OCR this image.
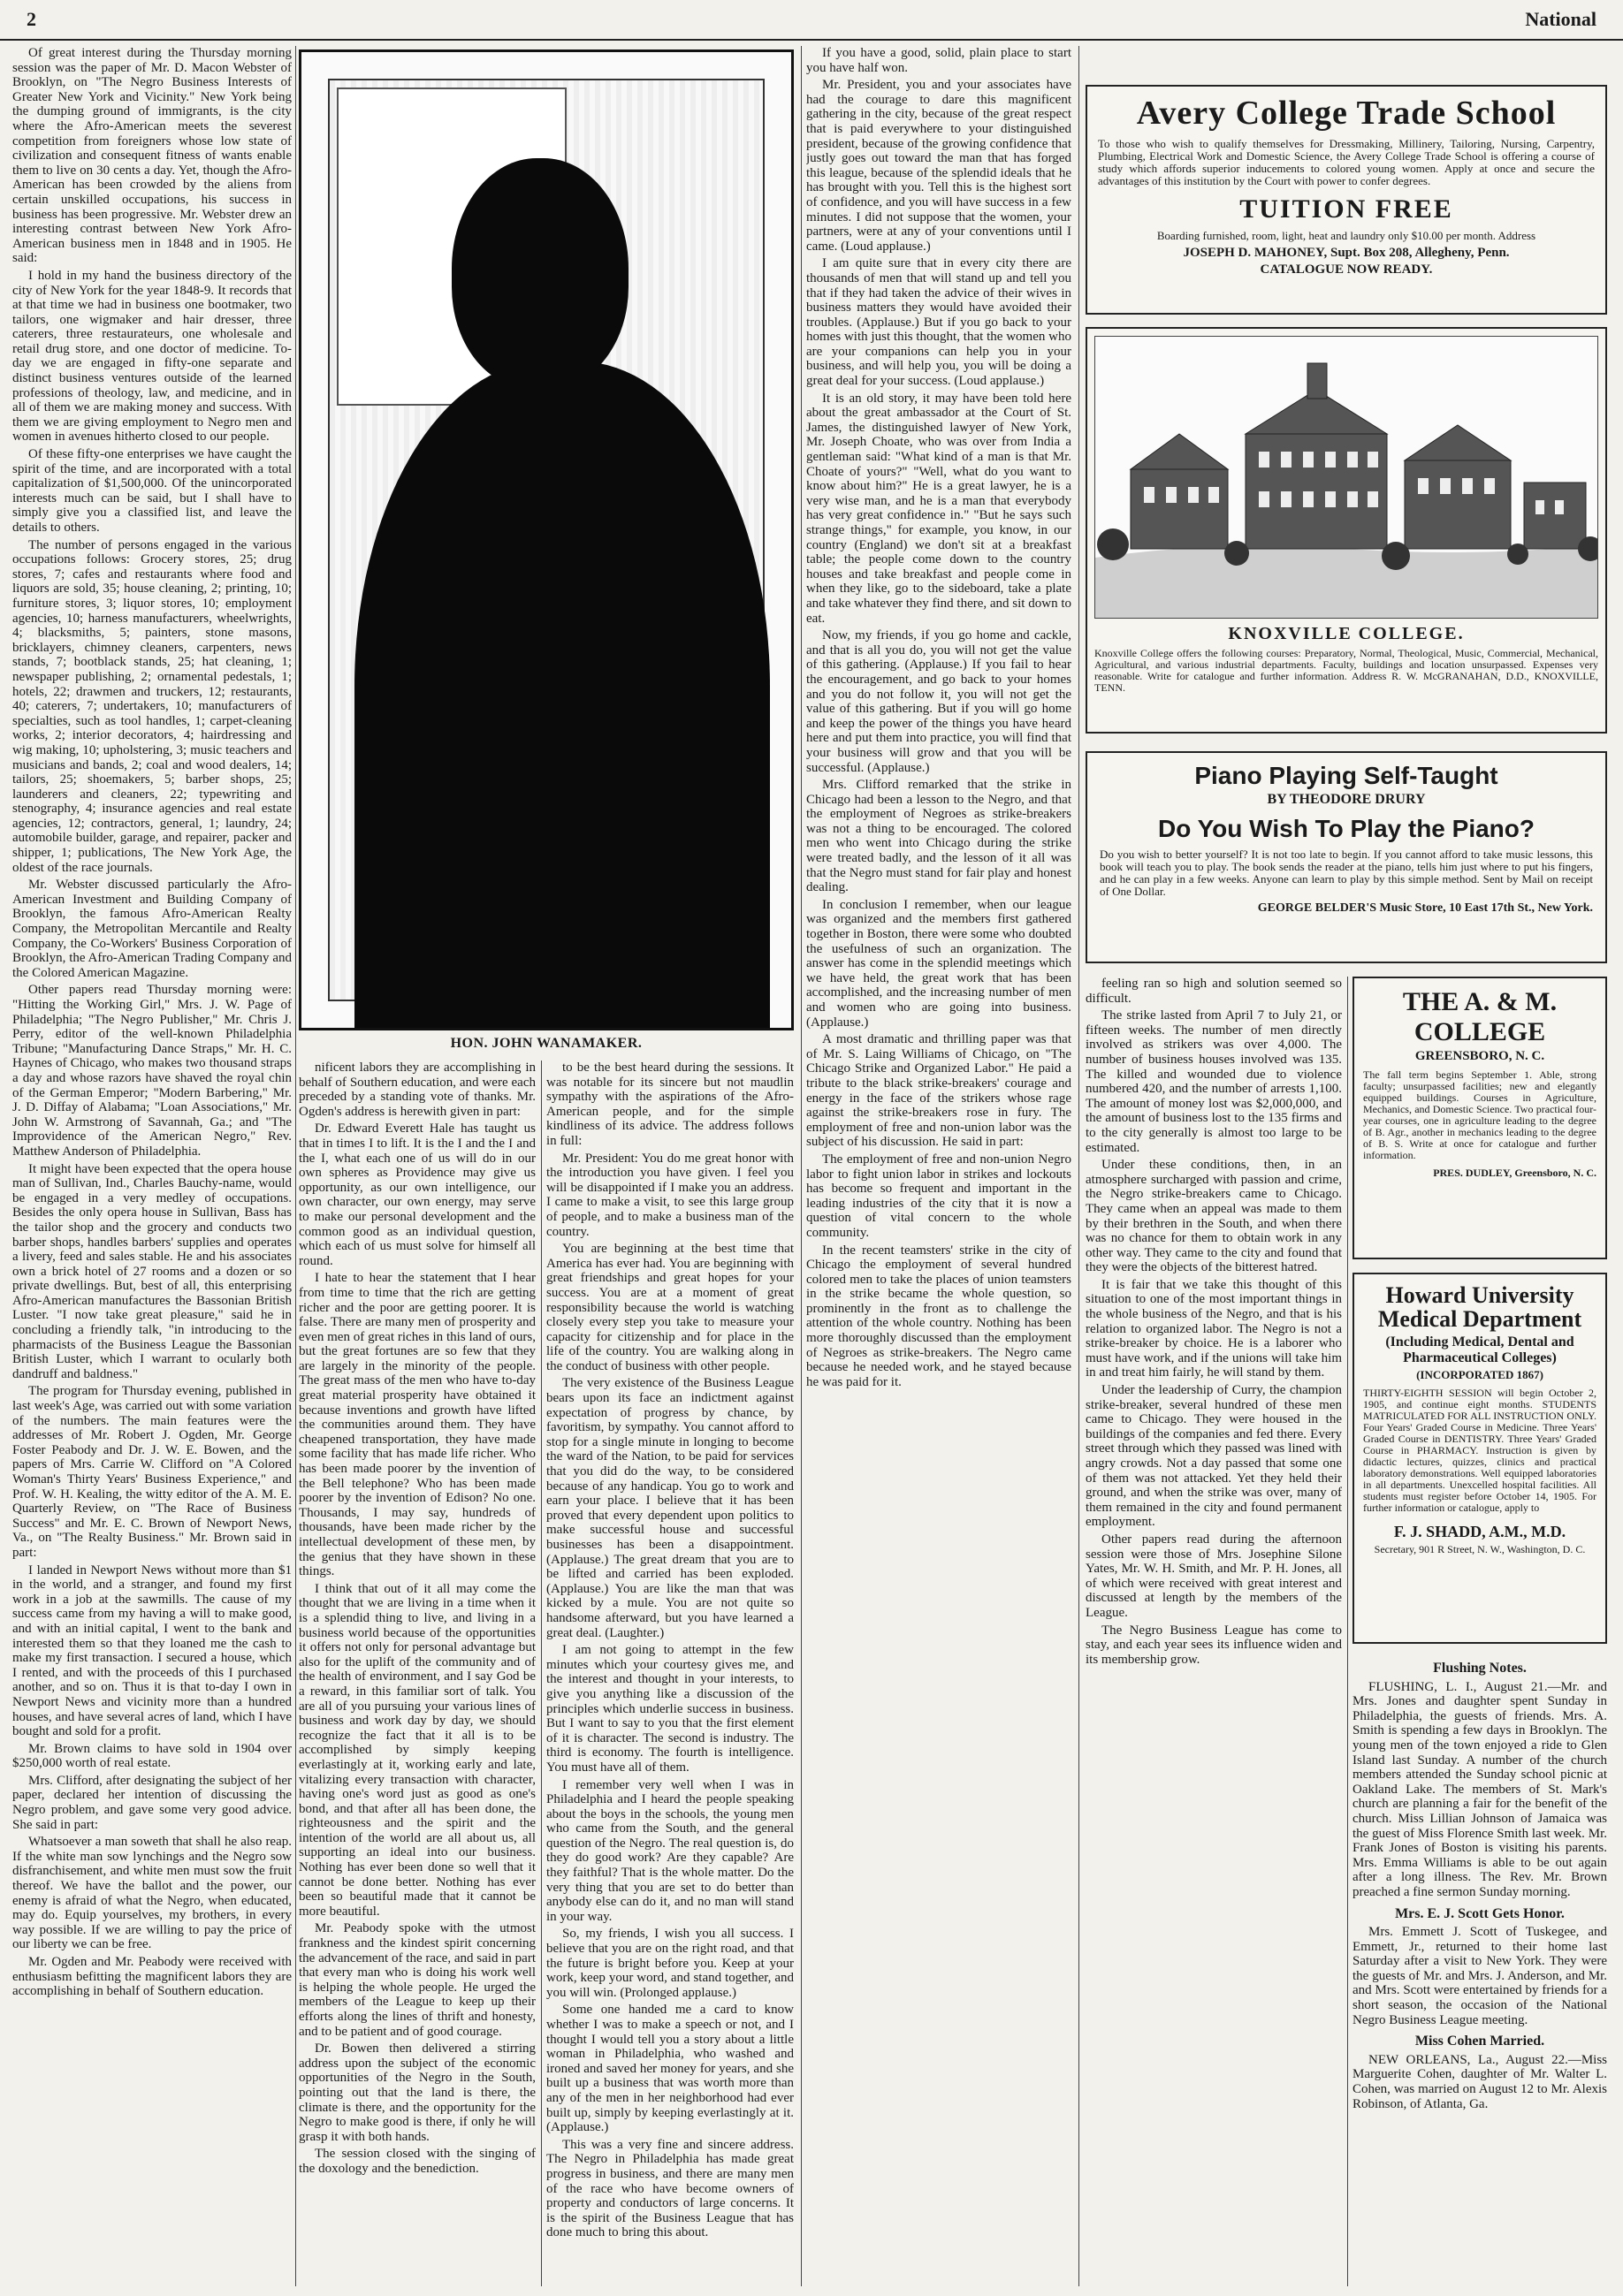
2	National

Of great interest during the Thursday morning session was the paper of Mr. D. Macon Webster of Brooklyn, on "The Negro Business Interests of Greater New York and Vicinity." New York being the dumping ground of immigrants, is the city where the Afro-American meets the severest competition from foreigners whose low state of civilization and consequent fitness of wants enable them to live on 30 cents a day. Yet, though the Afro-American has been crowded by the aliens from certain unskilled occupations, his success in business has been progressive. Mr. Webster drew an interesting contrast between New York Afro-American business men in 1848 and in 1905. He said:

I hold in my hand the business directory of the city of New York for the year 1848-9. It records that at that time we had in business one bootmaker, two tailors, one wigmaker and hair dresser, three caterers, three restaurateurs, one wholesale and retail drug store, and one doctor of medicine. To-day we are engaged in fifty-one separate and distinct business ventures outside of the learned professions of theology, law, and medicine, and in all of them we are making money and success. With them we are giving employment to Negro men and women in avenues hitherto closed to our people.

Of these fifty-one enterprises we have caught the spirit of the time, and are incorporated with a total capitalization of $1,500,000. Of the unincorporated interests much can be said, but I shall have to simply give you a classified list, and leave the details to others.

The number of persons engaged in the various occupations follows: Grocery stores, 25; drug stores, 7; cafes and restaurants where food and liquors are sold, 35; house cleaning, 2; printing, 10; furniture stores, 3; liquor stores, 10; employment agencies, 10; harness manufacturers, wheelwrights, 4; blacksmiths, 5; painters, stone masons, bricklayers, chimney cleaners, carpenters, news stands, 7; bootblack stands, 25; hat cleaning, 1; newspaper publishing, 2; ornamental pedestals, 1; hotels, 22; drawmen and truckers, 12; restaurants, 40; caterers, 7; undertakers, 10; manufacturers of specialties, such as tool handles, 1; carpet-cleaning works, 2; interior decorators, 4; hairdressing and wig making, 10; upholstering, 3; music teachers and musicians and bands, 2; coal and wood dealers, 14; tailors, 25; shoemakers, 5; barber shops, 25; launderers and cleaners, 22; typewriting and stenography, 4; insurance agencies and real estate agencies, 12; contractors, general, 1; laundry, 24; automobile builder, garage, and repairer, packer and shipper, 1; publications, The New York Age, the oldest of the race journals.

Mr. Webster discussed particularly the Afro-American Investment and Building Company of Brooklyn, the famous Afro-American Realty Company, the Metropolitan Mercantile and Realty Company, the Co-Workers' Business Corporation of Brooklyn, the Afro-American Trading Company and the Colored American Magazine.

Other papers read Thursday morning were: "Hitting the Working Girl," Mrs. J. W. Page of Philadelphia; "The Negro Publisher," Mr. Chris J. Perry, editor of the well-known Philadelphia Tribune; "Manufacturing Dance Straps," Mr. H. C. Haynes of Chicago, who makes two thousand straps a day and whose razors have shaved the royal chin of the German Emperor; "Modern Barbering," Mr. J. D. Diffay of Alabama; "Loan Associations," Mr. John W. Armstrong of Savannah, Ga.; and "The Improvidence of the American Negro," Rev. Matthew Anderson of Philadelphia.

It might have been expected that the opera house man of Sullivan, Ind., Charles Bauchy-name, would be engaged in a very medley of occupations. Besides the only opera house in Sullivan, Bass has the tailor shop and the grocery and conducts two barber shops, handles barbers' supplies and operates a livery, feed and sales stable. He and his associates own a brick hotel of 27 rooms and a dozen or so private dwellings. But, best of all, this enterprising Afro-American manufactures the Bassonian British Luster. "I now take great pleasure," said he in concluding a friendly talk, "in introducing to the pharmacists of the Business League the Bassonian British Luster, which I warrant to ocularly both dandruff and baldness."

The program for Thursday evening, published in last week's Age, was carried out with some variation of the numbers. The main features were the addresses of Mr. Robert J. Ogden, Mr. George Foster Peabody and Dr. J. W. E. Bowen, and the papers of Mrs. Carrie W. Clifford on "A Colored Woman's Thirty Years' Business Experience," and Prof. W. H. Kealing, the witty editor of the A. M. E. Quarterly Review, on "The Race of Business Success" and Mr. E. C. Brown of Newport News, Va., on "The Realty Business." Mr. Brown said in part:

I landed in Newport News without more than $1 in the world, and a stranger, and found my first work in a job at the sawmills. The cause of my success came from my having a will to make good, and with an initial capital, I went to the bank and interested them so that they loaned me the cash to make my first transaction. I secured a house, which I rented, and with the proceeds of this I purchased another, and so on. Thus it is that to-day I own in Newport News and vicinity more than a hundred houses, and have several acres of land, which I have bought and sold for a profit.

Mr. Brown claims to have sold in 1904 over $250,000 worth of real estate.

Mrs. Clifford, after designating the subject of her paper, declared her intention of discussing the Negro problem, and gave some very good advice. She said in part:

Whatsoever a man soweth that shall he also reap. If the white man sow lynchings and the Negro sow disfranchisement, and white men must sow the fruit thereof. We have the ballot and the power, our enemy is afraid of what the Negro, when educated, may do. Equip yourselves, my brothers, in every way possible. If we are willing to pay the price of our liberty we can be free.

Mr. Ogden and Mr. Peabody were received with enthusiasm befitting the magnificent labors they are accomplishing in behalf of Southern education.

HON. JOHN WANAMAKER.

nificent labors they are accomplishing in behalf of Southern education, and were each preceded by a standing vote of thanks. Mr. Ogden's address is herewith given in part:

Dr. Edward Everett Hale has taught us that in times I to lift. It is the I and the I and the I, what each one of us will do in our own spheres as Providence may give us opportunity, as our own intelligence, our own character, our own energy, may serve to make our personal development and the common good as an individual question, which each of us must solve for himself all round.

I hate to hear the statement that I hear from time to time that the rich are getting richer and the poor are getting poorer. It is false. There are many men of prosperity and even men of great riches in this land of ours, but the great fortunes are so few that they are largely in the minority of the people. The great mass of the men who have to-day great material prosperity have obtained it because inventions and growth have lifted the communities around them. They have cheapened transportation, they have made some facility that has made life richer. Who has been made poorer by the invention of the Bell telephone? Who has been made poorer by the invention of Edison? No one. Thousands, I may say, hundreds of thousands, have been made richer by the intellectual development of these men, by the genius that they have shown in these things.

I think that out of it all may come the thought that we are living in a time when it is a splendid thing to live, and living in a business world because of the opportunities it offers not only for personal advantage but also for the uplift of the community and of the health of environment, and I say God be a reward, in this familiar sort of talk. You are all of you pursuing your various lines of business and work day by day, we should recognize the fact that it all is to be accomplished by simply keeping everlastingly at it, working early and late, vitalizing every transaction with character, having one's word just as good as one's bond, and that after all has been done, the righteousness and the spirit and the intention of the world are all about us, all supporting an ideal into our business. Nothing has ever been done so well that it cannot be done better. Nothing has ever been so beautiful made that it cannot be more beautiful.

Mr. Peabody spoke with the utmost frankness and the kindest spirit concerning the advancement of the race, and said in part that every man who is doing his work well is helping the whole people. He urged the members of the League to keep up their efforts along the lines of thrift and honesty, and to be patient and of good courage.

Dr. Bowen then delivered a stirring address upon the subject of the economic opportunities of the Negro in the South, pointing out that the land is there, the climate is there, and the opportunity for the Negro to make good is there, if only he will grasp it with both hands.

The session closed with the singing of the doxology and the benediction.

to be the best heard during the sessions. It was notable for its sincere but not maudlin sympathy with the aspirations of the Afro-American people, and for the simple kindliness of its advice. The address follows in full:

Mr. President: You do me great honor with the introduction you have given. I feel you will be disappointed if I make you an address. I came to make a visit, to see this large group of people, and to make a business man of the country.

You are beginning at the best time that America has ever had. You are beginning with great friendships and great hopes for your success. You are at a moment of great responsibility because the world is watching closely every step you take to measure your capacity for citizenship and for place in the life of the country. You are walking along in the conduct of business with other people.

The very existence of the Business League bears upon its face an indictment against expectation of progress by chance, by favoritism, by sympathy. You cannot afford to stop for a single minute in longing to become the ward of the Nation, to be paid for services that you did do the way, to be considered because of any handicap. You go to work and earn your place. I believe that it has been proved that every dependent upon politics to make successful house and successful businesses has been a disappointment. (Applause.) The great dream that you are to be lifted and carried has been exploded. (Applause.) You are like the man that was kicked by a mule. You are not quite so handsome afterward, but you have learned a great deal. (Laughter.)

I am not going to attempt in the few minutes which your courtesy gives me, and the interest and thought in your interests, to give you anything like a discussion of the principles which underlie success in business. But I want to say to you that the first element of it is character. The second is industry. The third is economy. The fourth is intelligence. You must have all of them.

I remember very well when I was in Philadelphia and I heard the people speaking about the boys in the schools, the young men who came from the South, and the general question of the Negro. The real question is, do they do good work? Are they capable? Are they faithful? That is the whole matter. Do the very thing that you are set to do better than anybody else can do it, and no man will stand in your way.

So, my friends, I wish you all success. I believe that you are on the right road, and that the future is bright before you. Keep at your work, keep your word, and stand together, and you will win. (Prolonged applause.)

Some one handed me a card to know whether I was to make a speech or not, and I thought I would tell you a story about a little woman in Philadelphia, who washed and ironed and saved her money for years, and she built up a business that was worth more than any of the men in her neighborhood had ever built up, simply by keeping everlastingly at it. (Applause.)

This was a very fine and sincere address. The Negro in Philadelphia has made great progress in business, and there are many men of the race who have become owners of property and conductors of large concerns. It is the spirit of the Business League that has done much to bring this about.

If you have a good, solid, plain place to start you have half won.

Mr. President, you and your associates have had the courage to dare this magnificent gathering in the city, because of the great respect that is paid everywhere to your distinguished president, because of the growing confidence that justly goes out toward the man that has forged this league, because of the splendid ideals that he has brought with you. Tell this is the highest sort of confidence, and you will have success in a few minutes. I did not suppose that the women, your partners, were at any of your conventions until I came. (Loud applause.)

I am quite sure that in every city there are thousands of men that will stand up and tell you that if they had taken the advice of their wives in business matters they would have avoided their troubles. (Applause.) But if you go back to your homes with just this thought, that the women who are your companions can help you in your business, and will help you, you will be doing a great deal for your success. (Loud applause.)

It is an old story, it may have been told here about the great ambassador at the Court of St. James, the distinguished lawyer of New York, Mr. Joseph Choate, who was over from India a gentleman said: "What kind of a man is that Mr. Choate of yours?" "Well, what do you want to know about him?" He is a great lawyer, he is a very wise man, and he is a man that everybody has very great confidence in." "But he says such strange things," for example, you know, in our country (England) we don't sit at a breakfast table; the people come down to the country houses and take breakfast and people come in when they like, go to the sideboard, take a plate and take whatever they find there, and sit down to eat.

Now, my friends, if you go home and cackle, and that is all you do, you will not get the value of this gathering. (Applause.) If you fail to hear the encouragement, and go back to your homes and you do not follow it, you will not get the value of this gathering. But if you will go home and keep the power of the things you have heard here and put them into practice, you will find that your business will grow and that you will be successful. (Applause.)

Mrs. Clifford remarked that the strike in Chicago had been a lesson to the Negro, and that the employment of Negroes as strike-breakers was not a thing to be encouraged. The colored men who went into Chicago during the strike were treated badly, and the lesson of it all was that the Negro must stand for fair play and honest dealing.

In conclusion I remember, when our league was organized and the members first gathered together in Boston, there were some who doubted the usefulness of such an organization. The answer has come in the splendid meetings which we have held, the great work that has been accomplished, and the increasing number of men and women who are going into business. (Applause.)

A most dramatic and thrilling paper was that of Mr. S. Laing Williams of Chicago, on "The Chicago Strike and Organized Labor." He paid a tribute to the black strike-breakers' courage and energy in the face of the strikers whose rage against the strike-breakers rose in fury. The employment of free and non-union labor was the subject of his discussion. He said in part:

The employment of free and non-union Negro labor to fight union labor in strikes and lockouts has become so frequent and important in the leading industries of the city that it is now a question of vital concern to the whole community.

In the recent teamsters' strike in the city of Chicago the employment of several hundred colored men to take the places of union teamsters in the strike became the whole question, so prominently in the front as to challenge the attention of the whole country. Nothing has been more thoroughly discussed than the employment of Negroes as strike-breakers. The Negro came because he needed work, and he stayed because he was paid for it.

Avery College Trade School
To those who wish to qualify themselves for Dressmaking, Millinery, Tailoring, Nursing, Carpentry, Plumbing, Electrical Work and Domestic Science, the Avery College Trade School is offering a course of study which affords superior inducements to colored young women. Apply at once and secure the advantages of this institution by the Court with power to confer degrees.
TUITION FREE
Boarding furnished, room, light, heat and laundry only $10.00 per month. Address
JOSEPH D. MAHONEY, Supt. Box 208, Allegheny, Penn.
CATALOGUE NOW READY.
KNOXVILLE COLLEGE.
Knoxville College offers the following courses: Preparatory, Normal, Theological, Music, Commercial, Mechanical, Agricultural, and various industrial departments. Faculty, buildings and location unsurpassed. Expenses very reasonable. Write for catalogue and further information. Address R. W. McGRANAHAN, D.D., KNOXVILLE, TENN.
Piano Playing Self-Taught
BY THEODORE DRURY
Do You Wish To Play the Piano?
Do you wish to better yourself? It is not too late to begin. If you cannot afford to take music lessons, this book will teach you to play. The book sends the reader at the piano, tells him just where to put his fingers, and he can play in a few weeks. Anyone can learn to play by this simple method. Sent by Mail on receipt of One Dollar.
GEORGE BELDER'S Music Store, 10 East 17th St., New York.

feeling ran so high and solution seemed so difficult.

The strike lasted from April 7 to July 21, or fifteen weeks. The number of men directly involved as strikers was over 4,000. The number of business houses involved was 135. The killed and wounded due to violence numbered 420, and the number of arrests 1,100. The amount of money lost was $2,000,000, and the amount of business lost to the 135 firms and to the city generally is almost too large to be estimated.

Under these conditions, then, in an atmosphere surcharged with passion and crime, the Negro strike-breakers came to Chicago. They came when an appeal was made to them by their brethren in the South, and when there was no chance for them to obtain work in any other way. They came to the city and found that they were the objects of the bitterest hatred.

It is fair that we take this thought of this situation to one of the most important things in the whole business of the Negro, and that is his relation to organized labor. The Negro is not a strike-breaker by choice. He is a laborer who must have work, and if the unions will take him in and treat him fairly, he will stand by them.

Under the leadership of Curry, the champion strike-breaker, several hundred of these men came to Chicago. They were housed in the buildings of the companies and fed there. Every street through which they passed was lined with angry crowds. Not a day passed that some one of them was not attacked. Yet they held their ground, and when the strike was over, many of them remained in the city and found permanent employment.

Other papers read during the afternoon session were those of Mrs. Josephine Silone Yates, Mr. W. H. Smith, and Mr. P. H. Jones, all of which were received with great interest and discussed at length by the members of the League.

The Negro Business League has come to stay, and each year sees its influence widen and its membership grow.

THE A. & M. COLLEGE
GREENSBORO, N. C.
The fall term begins September 1. Able, strong faculty; unsurpassed facilities; new and elegantly equipped buildings. Courses in Agriculture, Mechanics, and Domestic Science. Two practical four-year courses, one in agriculture leading to the degree of B. Agr., another in mechanics leading to the degree of B. S. Write at once for catalogue and further information.
PRES. DUDLEY, Greensboro, N. C.
Howard University Medical Department
(Including Medical, Dental and Pharmaceutical Colleges)
(INCORPORATED 1867)
THIRTY-EIGHTH SESSION will begin October 2, 1905, and continue eight months. STUDENTS MATRICULATED FOR ALL INSTRUCTION ONLY. Four Years' Graded Course in Medicine. Three Years' Graded Course in DENTISTRY. Three Years' Graded Course in PHARMACY. Instruction is given by didactic lectures, quizzes, clinics and practical laboratory demonstrations. Well equipped laboratories in all departments. Unexcelled hospital facilities. All students must register before October 14, 1905. For further information or catalogue, apply to
F. J. SHADD, A.M., M.D.
Secretary, 901 R Street, N. W., Washington, D. C.
Flushing Notes.

FLUSHING, L. I., August 21.—Mr. and Mrs. Jones and daughter spent Sunday in Philadelphia, the guests of friends. Mrs. A. Smith is spending a few days in Brooklyn. The young men of the town enjoyed a ride to Glen Island last Sunday. A number of the church members attended the Sunday school picnic at Oakland Lake. The members of St. Mark's church are planning a fair for the benefit of the church. Miss Lillian Johnson of Jamaica was the guest of Miss Florence Smith last week. Mr. Frank Jones of Boston is visiting his parents. Mrs. Emma Williams is able to be out again after a long illness. The Rev. Mr. Brown preached a fine sermon Sunday morning.

Mrs. E. J. Scott Gets Honor.

Mrs. Emmett J. Scott of Tuskegee, and Emmett, Jr., returned to their home last Saturday after a visit to New York. They were the guests of Mr. and Mrs. J. Anderson, and Mr. and Mrs. Scott were entertained by friends for a short season, the occasion of the National Negro Business League meeting.

Miss Cohen Married.

NEW ORLEANS, La., August 22.—Miss Marguerite Cohen, daughter of Mr. Walter L. Cohen, was married on August 12 to Mr. Alexis Robinson, of Atlanta, Ga.
